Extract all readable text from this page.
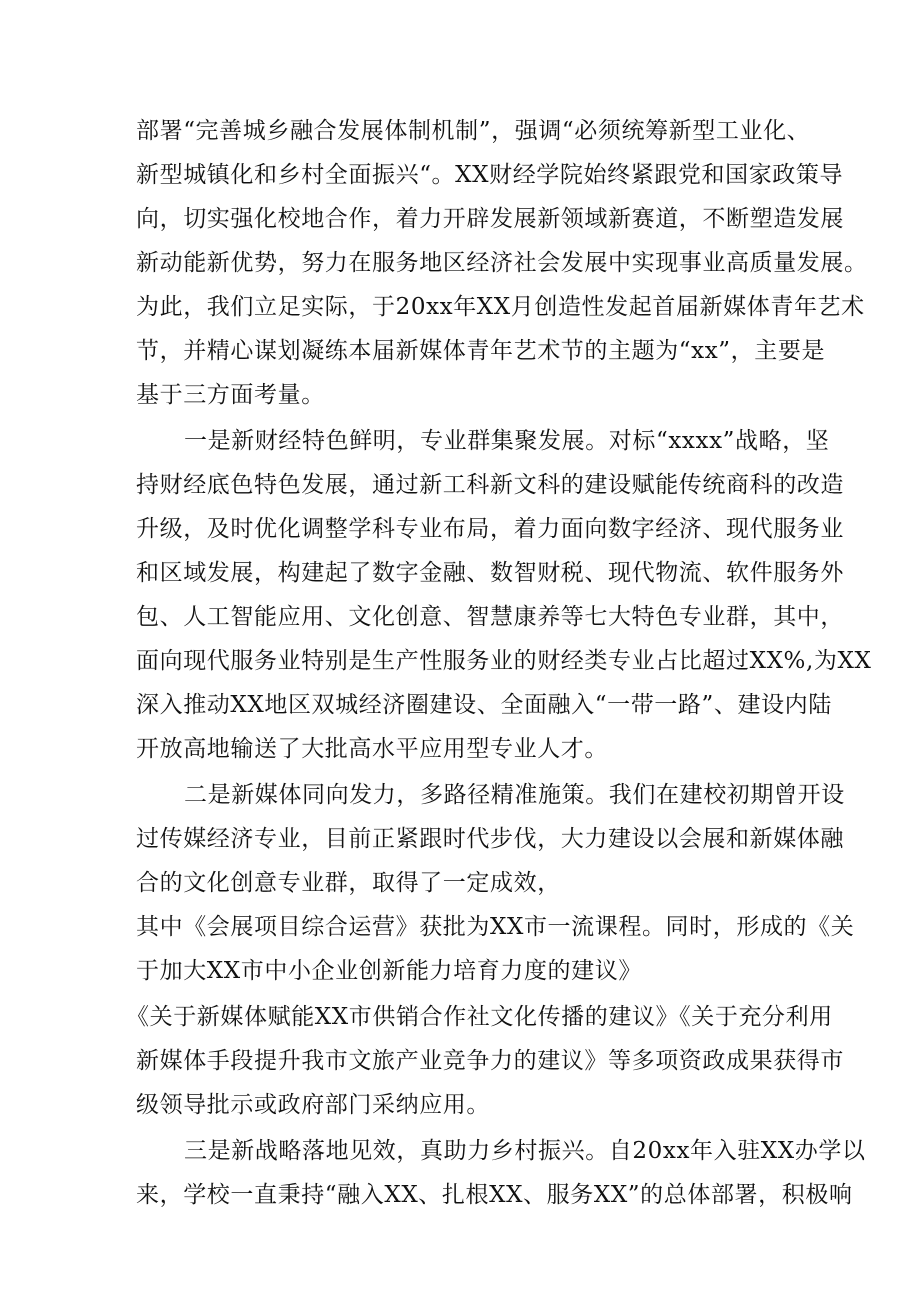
部署“完善城乡融合发展体制机制”，强调“必须统筹新型工业化、
新型城镇化和乡村全面振兴“。XX财经学院始终紧跟党和国家政策导
向，切实强化校地合作，着力开辟发展新领域新赛道，不断塑造发展
新动能新优势，努力在服务地区经济社会发展中实现事业高质量发展。
为此，我们立足实际，于20xx年XX月创造性发起首届新媒体青年艺术
节，并精心谋划凝练本届新媒体青年艺术节的主题为“xx”，主要是
基于三方面考量。
一是新财经特色鲜明，专业群集聚发展。对标“xxxx”战略，坚
持财经底色特色发展，通过新工科新文科的建设赋能传统商科的改造
升级，及时优化调整学科专业布局，着力面向数字经济、现代服务业
和区域发展，构建起了数字金融、数智财税、现代物流、软件服务外
包、人工智能应用、文化创意、智慧康养等七大特色专业群，其中，
面向现代服务业特别是生产性服务业的财经类专业占比超过XX%,为XX
深入推动XX地区双城经济圈建设、全面融入“一带一路”、建设内陆
开放高地输送了大批高水平应用型专业人才。
二是新媒体同向发力，多路径精准施策。我们在建校初期曾开设
过传媒经济专业，目前正紧跟时代步伐，大力建设以会展和新媒体融
合的文化创意专业群，取得了一定成效，
其中《会展项目综合运营》获批为XX市一流课程。同时，形成的《关
于加大XX市中小企业创新能力培育力度的建议》
《关于新媒体赋能XX市供销合作社文化传播的建议》《关于充分利用
新媒体手段提升我市文旅产业竞争力的建议》等多项资政成果获得市
级领导批示或政府部门采纳应用。
三是新战略落地见效，真助力乡村振兴。自20xx年入驻XX办学以
来，学校一直秉持“融入XX、扎根XX、服务XX”的总体部署，积极响
